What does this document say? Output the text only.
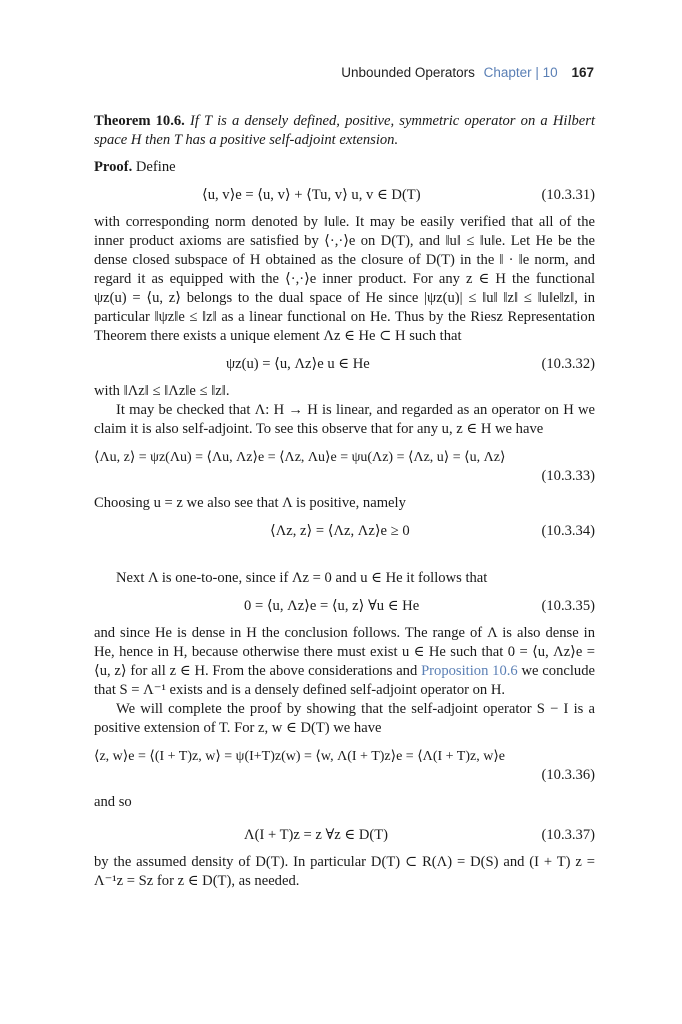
Unbounded Operators Chapter | 10 167

Theorem 10.6. If T is a densely defined, positive, symmetric operator on a Hilbert space H then T has a positive self-adjoint extension.

Proof. Define

⟨u, v⟩e = ⟨u, v⟩ + ⟨Tu, v⟩ u, v ∈ D(T)	(10.3.31)

with corresponding norm denoted by ‖u‖e. It may be easily verified that all of the inner product axioms are satisfied by ⟨·,·⟩e on D(T), and ‖u‖ ≤ ‖u‖e. Let He be the dense closed subspace of H obtained as the closure of D(T) in the ‖ · ‖e norm, and regard it as equipped with the ⟨·,·⟩e inner product. For any z ∈ H the functional ψz(u) = ⟨u, z⟩ belongs to the dual space of He since |ψz(u)| ≤ ‖u‖ ‖z‖ ≤ ‖u‖e‖z‖, in particular ‖ψz‖e ≤ ‖z‖ as a linear functional on He. Thus by the Riesz Representation Theorem there exists a unique element Λz ∈ He ⊂ H such that

ψz(u) = ⟨u, Λz⟩e u ∈ He	(10.3.32)

with ‖Λz‖ ≤ ‖Λz‖e ≤ ‖z‖.

It may be checked that Λ: H → H is linear, and regarded as an operator on H we claim it is also self-adjoint. To see this observe that for any u, z ∈ H we have

⟨Λu, z⟩ = ψz(Λu) = ⟨Λu, Λz⟩e = ⟨Λz, Λu⟩e = ψu(Λz) = ⟨Λz, u⟩ = ⟨u, Λz⟩
(10.3.33)

Choosing u = z we also see that Λ is positive, namely

⟨Λz, z⟩ = ⟨Λz, Λz⟩e ≥ 0	(10.3.34)

Next Λ is one-to-one, since if Λz = 0 and u ∈ He it follows that

0 = ⟨u, Λz⟩e = ⟨u, z⟩ ∀u ∈ He	(10.3.35)

and since He is dense in H the conclusion follows. The range of Λ is also dense in He, hence in H, because otherwise there must exist u ∈ He such that 0 = ⟨u, Λz⟩e = ⟨u, z⟩ for all z ∈ H. From the above considerations and Proposition 10.6 we conclude that S = Λ⁻¹ exists and is a densely defined self-adjoint operator on H.

We will complete the proof by showing that the self-adjoint operator S − I is a positive extension of T. For z, w ∈ D(T) we have

⟨z, w⟩e = ⟨(I + T)z, w⟩ = ψ(I+T)z(w) = ⟨w, Λ(I + T)z⟩e = ⟨Λ(I + T)z, w⟩e
(10.3.36)

and so

Λ(I + T)z = z ∀z ∈ D(T)	(10.3.37)

by the assumed density of D(T). In particular D(T) ⊂ R(Λ) = D(S) and (I + T) z = Λ⁻¹z = Sz for z ∈ D(T), as needed.
